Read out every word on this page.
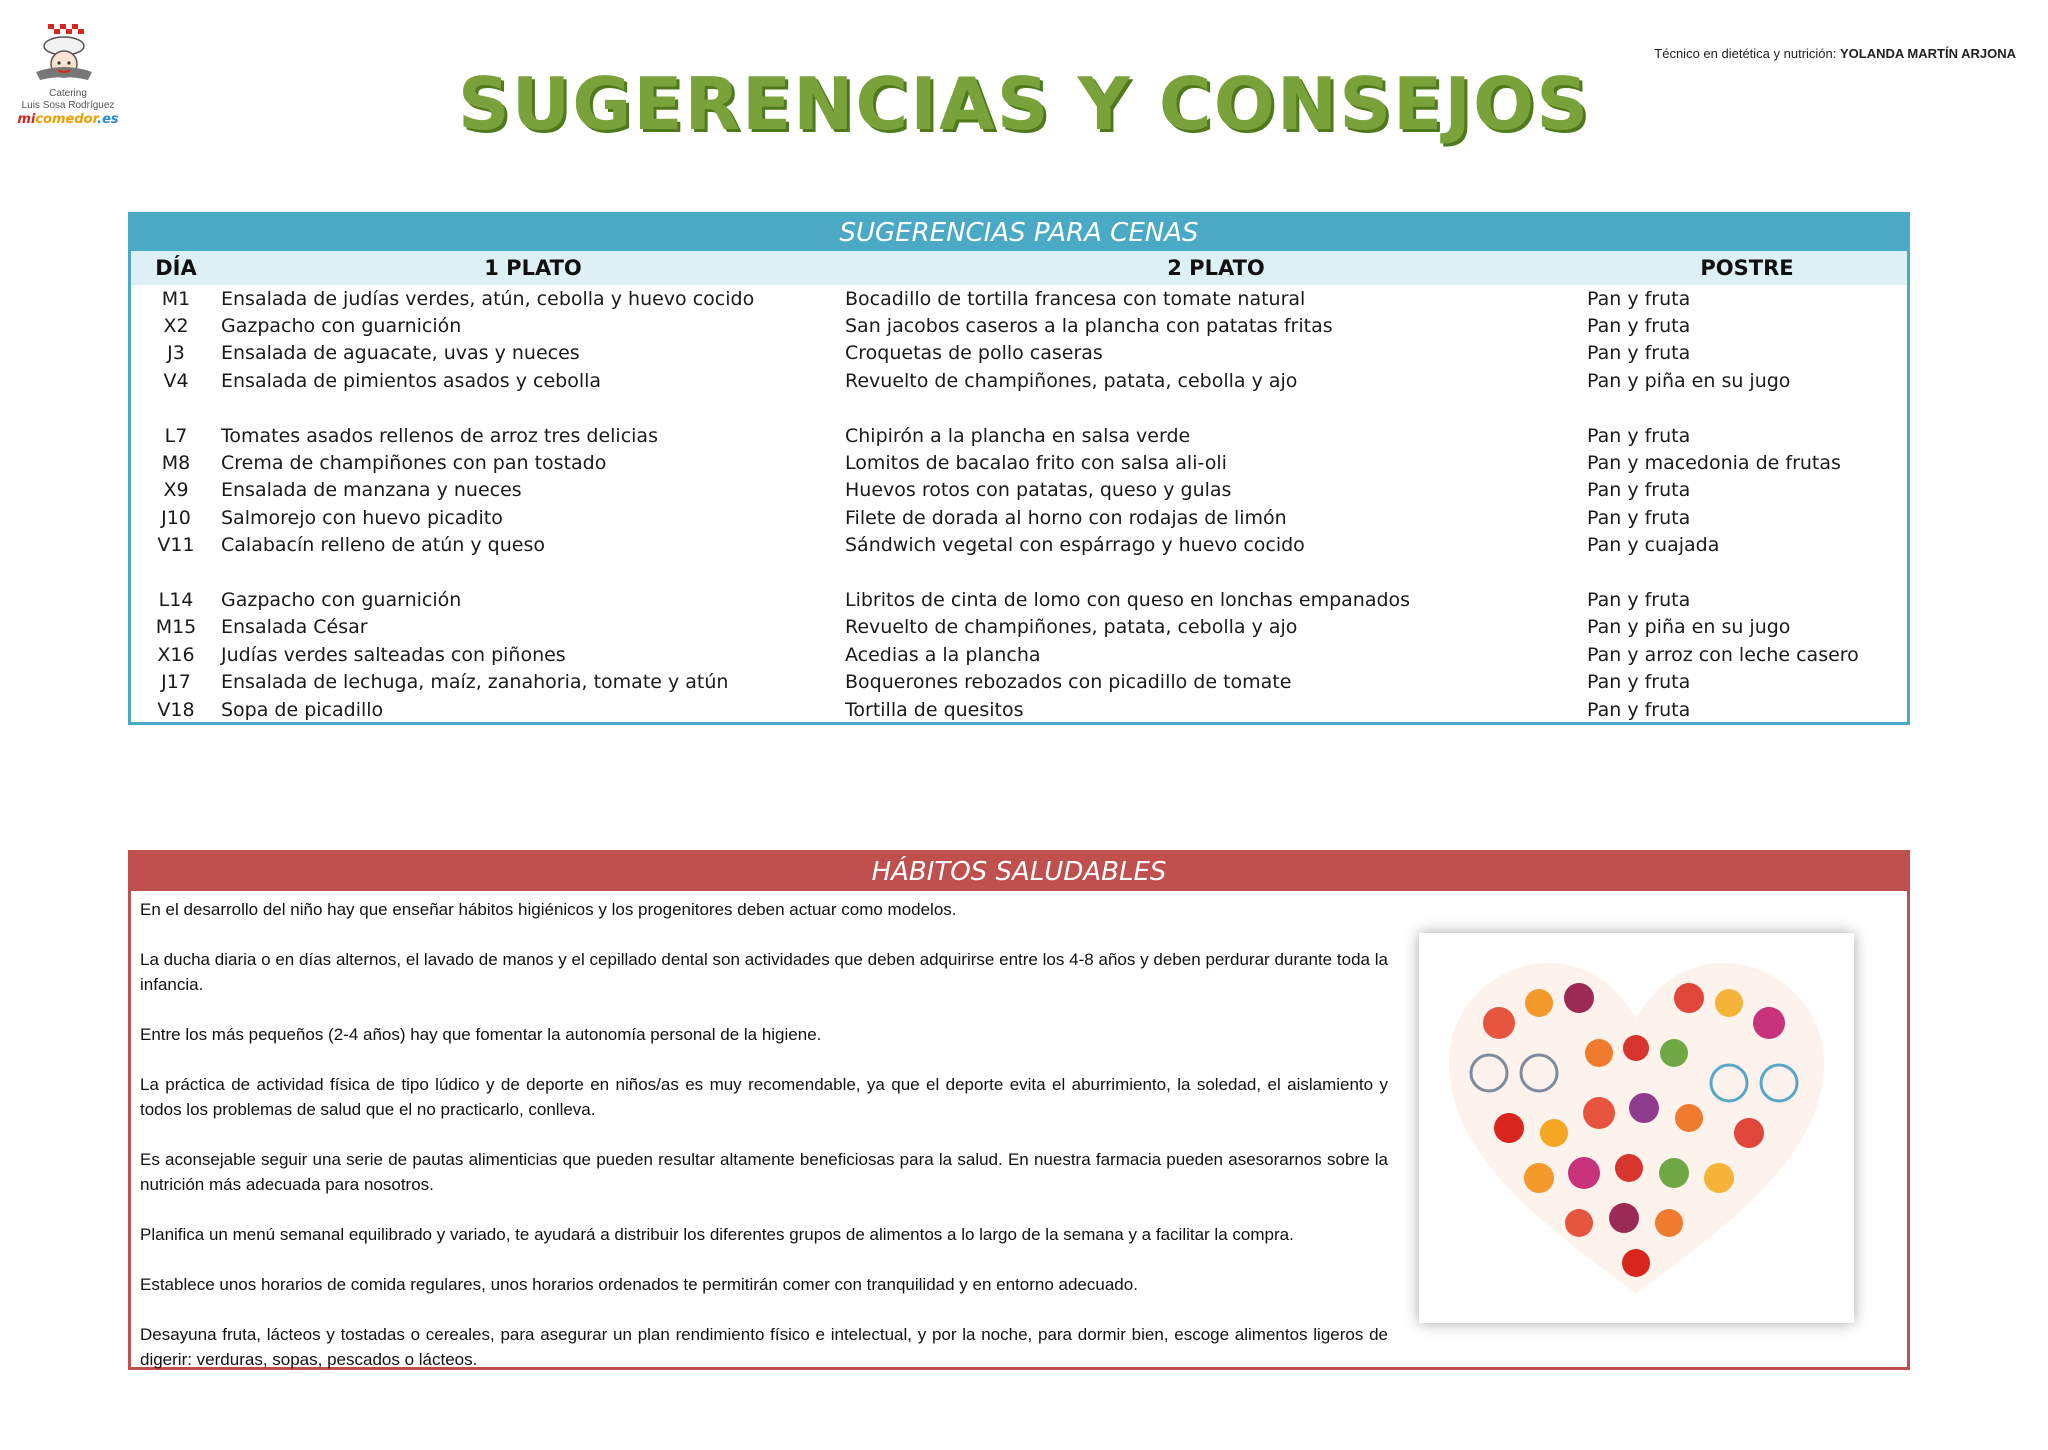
Catering
Luis Sosa Rodríguez
micomedor.es
Técnico en dietética y nutrición: YOLANDA MARTÍN ARJONA
SUGERENCIAS Y CONSEJOS
SUGERENCIAS PARA CENAS
DÍA	1 PLATO	2 PLATO	POSTRE
M1	Ensalada de judías verdes, atún, cebolla y huevo cocido	Bocadillo de tortilla francesa con tomate natural	Pan y fruta
X2	Gazpacho con guarnición	San jacobos caseros a la plancha con patatas fritas	Pan y fruta
J3	Ensalada de aguacate, uvas y nueces	Croquetas de pollo caseras	Pan y fruta
V4	Ensalada de pimientos asados y cebolla	Revuelto de champiñones, patata, cebolla y ajo	Pan y piña en su jugo
L7	Tomates asados rellenos de arroz tres delicias	Chipirón a la plancha en salsa verde	Pan y fruta
M8	Crema de champiñones con pan tostado	Lomitos de bacalao frito con salsa ali-oli	Pan y macedonia de frutas
X9	Ensalada de manzana y nueces	Huevos rotos con patatas, queso y gulas	Pan y fruta
J10	Salmorejo con huevo picadito	Filete de dorada al horno con rodajas de limón	Pan y fruta
V11	Calabacín relleno de atún y queso	Sándwich vegetal con espárrago y huevo cocido	Pan y cuajada
L14	Gazpacho con guarnición	Libritos de cinta de lomo con queso en lonchas empanados	Pan y fruta
M15	Ensalada César	Revuelto de champiñones, patata, cebolla y ajo	Pan y piña en su jugo
X16	Judías verdes salteadas con piñones	Acedias a la plancha	Pan y arroz con leche casero
J17	Ensalada de lechuga, maíz, zanahoria, tomate y atún	Boquerones rebozados con picadillo de tomate	Pan y fruta
V18	Sopa de picadillo	Tortilla de quesitos	Pan y fruta
HÁBITOS SALUDABLES

En el desarrollo del niño hay que enseñar hábitos higiénicos y los progenitores deben actuar como modelos.

La ducha diaria o en días alternos, el lavado de manos y el cepillado dental son actividades que deben adquirirse entre los 4-8 años y deben perdurar durante toda la infancia.

Entre los más pequeños (2-4 años) hay que fomentar la autonomía personal de la higiene.

La práctica de actividad física de tipo lúdico y de deporte en niños/as es muy recomendable, ya que el deporte evita el aburrimiento, la soledad, el aislamiento y todos los problemas de salud que el no practicarlo, conlleva.

Es aconsejable seguir una serie de pautas alimenticias que pueden resultar altamente beneficiosas para la salud. En nuestra farmacia pueden asesorarnos sobre la nutrición más adecuada para nosotros.

Planifica un menú semanal equilibrado y variado, te ayudará a distribuir los diferentes grupos de alimentos a lo largo de la semana y a facilitar la compra.

Establece unos horarios de comida regulares, unos horarios ordenados te permitirán comer con tranquilidad y en entorno adecuado.

Desayuna fruta, lácteos y tostadas o cereales, para asegurar un plan rendimiento físico e intelectual, y por la noche, para dormir bien, escoge alimentos ligeros de digerir: verduras, sopas, pescados o lácteos.
